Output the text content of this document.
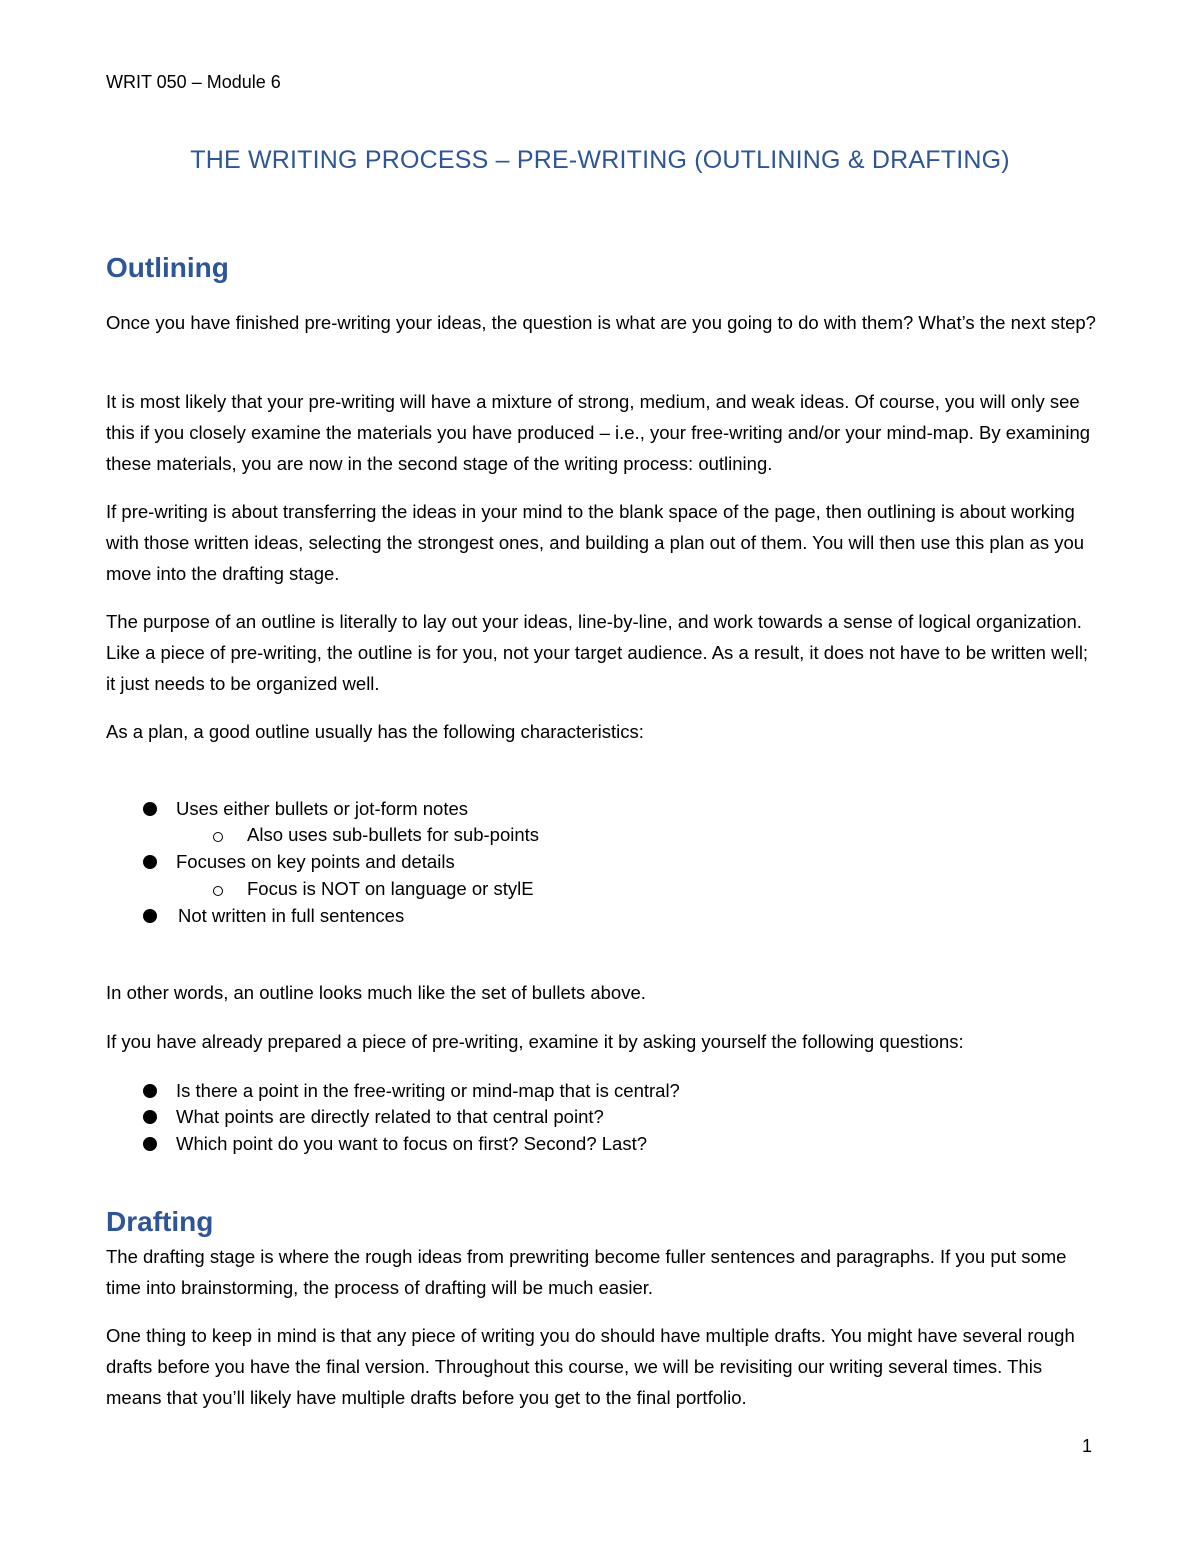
WRIT 050 – Module 6
THE WRITING PROCESS – PRE-WRITING (OUTLINING & DRAFTING)
Outlining
Once you have finished pre-writing your ideas, the question is what are you going to do with them? What’s the next step?
It is most likely that your pre-writing will have a mixture of strong, medium, and weak ideas. Of course, you will only see this if you closely examine the materials you have produced – i.e., your free-writing and/or your mind-map. By examining these materials, you are now in the second stage of the writing process: outlining.
If pre-writing is about transferring the ideas in your mind to the blank space of the page, then outlining is about working with those written ideas, selecting the strongest ones, and building a plan out of them. You will then use this plan as you move into the drafting stage.
The purpose of an outline is literally to lay out your ideas, line-by-line, and work towards a sense of logical organization. Like a piece of pre-writing, the outline is for you, not your target audience. As a result, it does not have to be written well; it just needs to be organized well.
As a plan, a good outline usually has the following characteristics:
Uses either bullets or jot-form notes
Also uses sub-bullets for sub-points
Focuses on key points and details
Focus is NOT on language or stylE
Not written in full sentences
In other words, an outline looks much like the set of bullets above.
If you have already prepared a piece of pre-writing, examine it by asking yourself the following questions:
Is there a point in the free-writing or mind-map that is central?
What points are directly related to that central point?
Which point do you want to focus on first? Second? Last?
Drafting
The drafting stage is where the rough ideas from prewriting become fuller sentences and paragraphs. If you put some time into brainstorming, the process of drafting will be much easier.
One thing to keep in mind is that any piece of writing you do should have multiple drafts. You might have several rough drafts before you have the final version. Throughout this course, we will be revisiting our writing several times. This means that you’ll likely have multiple drafts before you get to the final portfolio.
1
